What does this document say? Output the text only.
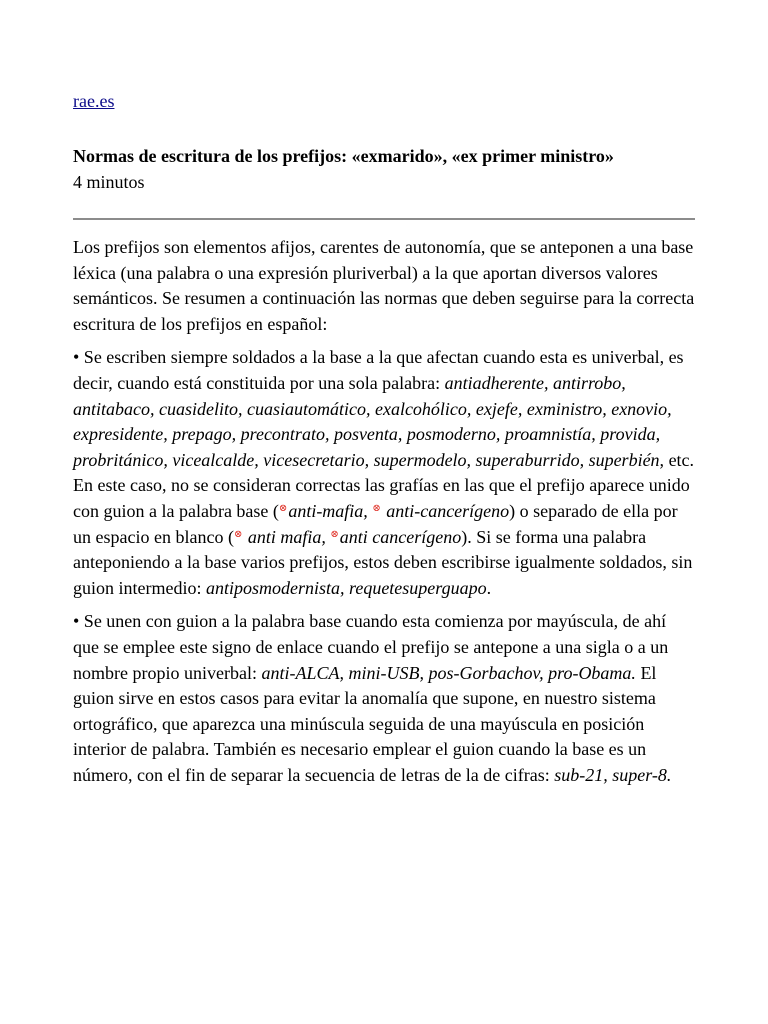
rae.es
Normas de escritura de los prefijos: «exmarido», «ex primer ministro»
4 minutos

Los prefijos son elementos afijos, carentes de autonomía, que se anteponen a una base léxica (una palabra o una expresión pluriverbal) a la que aportan diversos valores semánticos. Se resumen a continuación las normas que deben seguirse para la correcta escritura de los prefijos en español:

• Se escriben siempre soldados a la base a la que afectan cuando esta es univerbal, es decir, cuando está constituida por una sola palabra: antiadherente, antirrobo, antitabaco, cuasidelito, cuasiautomático, exalcohólico, exjefe, exministro, exnovio, expresidente, prepago, precontrato, posventa, posmoderno, proamnistía, provida, probritánico, vicealcalde, vicesecretario, supermodelo, superaburrido, superbién, etc. En este caso, no se consideran correctas las grafías en las que el prefijo aparece unido con guion a la palabra base (⊗anti-mafia, ⊗ anti-cancerígeno) o separado de ella por un espacio en blanco (⊗ anti mafia, ⊗anti cancerígeno). Si se forma una palabra anteponiendo a la base varios prefijos, estos deben escribirse igualmente soldados, sin guion intermedio: antiposmodernista, requetesuperguapo.

• Se unen con guion a la palabra base cuando esta comienza por mayúscula, de ahí que se emplee este signo de enlace cuando el prefijo se antepone a una sigla o a un nombre propio univerbal: anti-ALCA, mini-USB, pos-Gorbachov, pro-Obama. El guion sirve en estos casos para evitar la anomalía que supone, en nuestro sistema ortográfico, que aparezca una minúscula seguida de una mayúscula en posición interior de palabra. También es necesario emplear el guion cuando la base es un número, con el fin de separar la secuencia de letras de la de cifras: sub-21, super-8.
